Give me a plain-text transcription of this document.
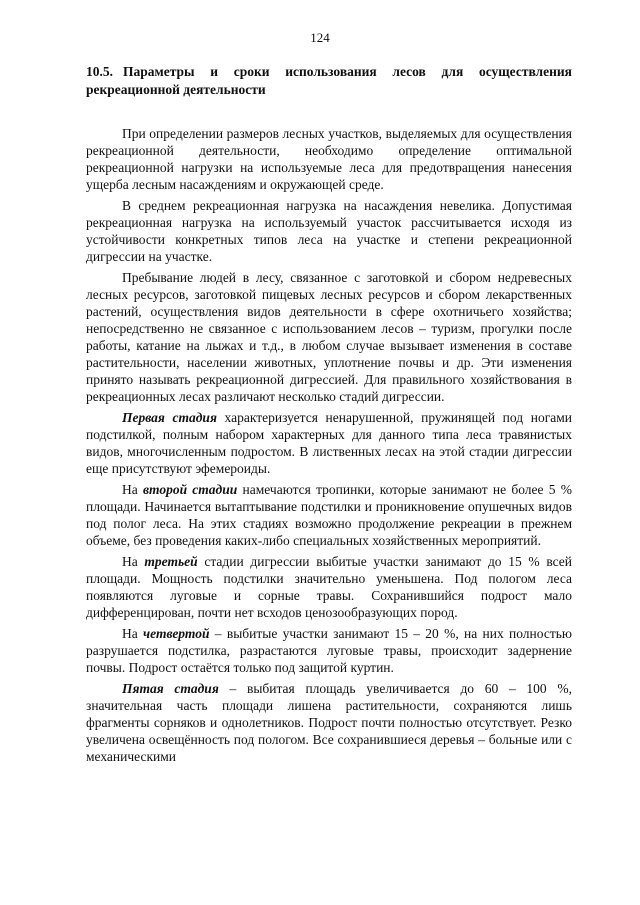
124

10.5. Параметры и сроки использования лесов для осуществления рекреационной деятельности

При определении размеров лесных участков, выделяемых для осуществления рекреационной деятельности, необходимо определение оптимальной рекреационной нагрузки на используемые леса для предотвращения нанесения ущерба лесным насаждениям и окружающей среде.

В среднем рекреационная нагрузка на насаждения невелика. Допустимая рекреационная нагрузка на используемый участок рассчитывается исходя из устойчивости конкретных типов леса на участке и степени рекреационной дигрессии на участке.

Пребывание людей в лесу, связанное с заготовкой и сбором недревесных лесных ресурсов, заготовкой пищевых лесных ресурсов и сбором лекарственных растений, осуществления видов деятельности в сфере охотничьего хозяйства; непосредственно не связанное с использованием лесов – туризм, прогулки после работы, катание на лыжах и т.д., в любом случае вызывает изменения в составе растительности, населении животных, уплотнение почвы и др. Эти изменения принято называть рекреационной дигрессией. Для правильного хозяйствования в рекреационных лесах различают несколько стадий дигрессии.

Первая стадия характеризуется ненарушенной, пружинящей под ногами подстилкой, полным набором характерных для данного типа леса травянистых видов, многочисленным подростом. В лиственных лесах на этой стадии дигрессии еще присутствуют эфемероиды.

На второй стадии намечаются тропинки, которые занимают не более 5 % площади. Начинается вытаптывание подстилки и проникновение опушечных видов под полог леса. На этих стадиях возможно продолжение рекреации в прежнем объеме, без проведения каких-либо специальных хозяйственных мероприятий.

На третьей стадии дигрессии выбитые участки занимают до 15 % всей площади. Мощность подстилки значительно уменьшена. Под пологом леса появляются луговые и сорные травы. Сохранившийся подрост мало дифференцирован, почти нет всходов ценозообразующих пород.

На четвертой – выбитые участки занимают 15 – 20 %, на них полностью разрушается подстилка, разрастаются луговые травы, происходит задернение почвы. Подрост остаётся только под защитой куртин.

Пятая стадия – выбитая площадь увеличивается до 60 – 100 %, значительная часть площади лишена растительности, сохраняются лишь фрагменты сорняков и однолетников. Подрост почти полностью отсутствует. Резко увеличена освещённость под пологом. Все сохранившиеся деревья – больные или с механическими
